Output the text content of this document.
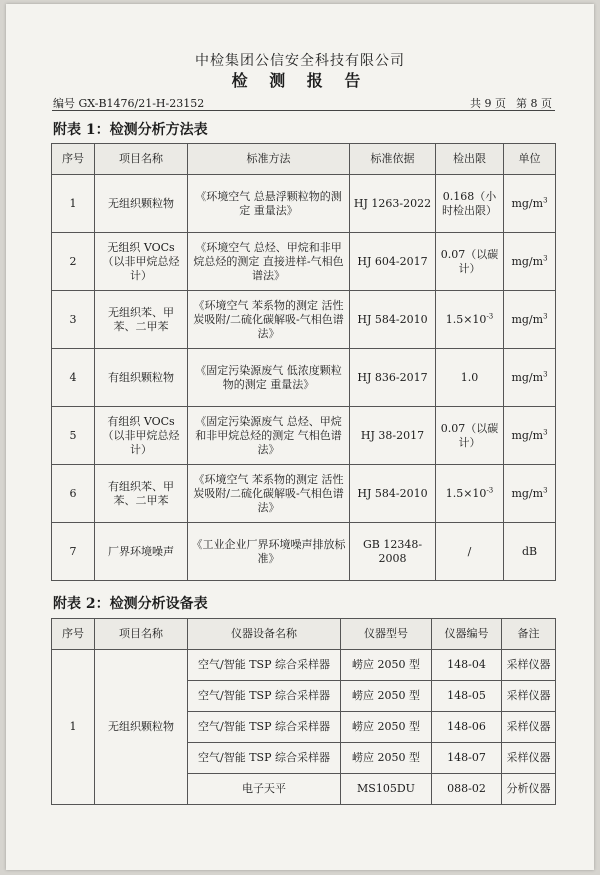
中检集团公信安全科技有限公司
检 测 报 告
编号 GX-B1476/21-H-23152	共 9 页 第 8 页
附表 1：检测分析方法表
序号	项目名称	标准方法	标准依据	检出限	单位
1	无组织颗粒物	《环境空气 总悬浮颗粒物的测定 重量法》	HJ 1263-2022	0.168（小时检出限）	$mg/m^3$
2	无组织 VOCs（以非甲烷总烃计）	《环境空气 总烃、甲烷和非甲烷总烃的测定 直接进样-气相色谱法》	HJ 604-2017	0.07（以碳计）	$mg/m^3$
3	无组织苯、甲苯、二甲苯	《环境空气 苯系物的测定 活性炭吸附/二硫化碳解吸-气相色谱法》	HJ 584-2010	$1.5\times 10^{-3}$	$mg/m^3$
4	有组织颗粒物	《固定污染源废气 低浓度颗粒物的测定 重量法》	HJ 836-2017	1.0	$mg/m^3$
5	有组织 VOCs（以非甲烷总烃计）	《固定污染源废气 总烃、甲烷和非甲烷总烃的测定 气相色谱法》	HJ 38-2017	0.07（以碳计）	$mg/m^3$
6	有组织苯、甲苯、二甲苯	《环境空气 苯系物的测定 活性炭吸附/二硫化碳解吸-气相色谱法》	HJ 584-2010	$1.5\times 10^{-3}$	$mg/m^3$
7	厂界环境噪声	《工业企业厂界环境噪声排放标准》	GB 12348-2008	/	dB
附表 2：检测分析设备表
序号	项目名称	仪器设备名称	仪器型号	仪器编号	备注
1	无组织颗粒物	空气/智能 TSP 综合采样器	崂应 2050 型	148-04	采样仪器
		空气/智能 TSP 综合采样器	崂应 2050 型	148-05	采样仪器
		空气/智能 TSP 综合采样器	崂应 2050 型	148-06	采样仪器
		空气/智能 TSP 综合采样器	崂应 2050 型	148-07	采样仪器
		电子天平	MS105DU	088-02	分析仪器
